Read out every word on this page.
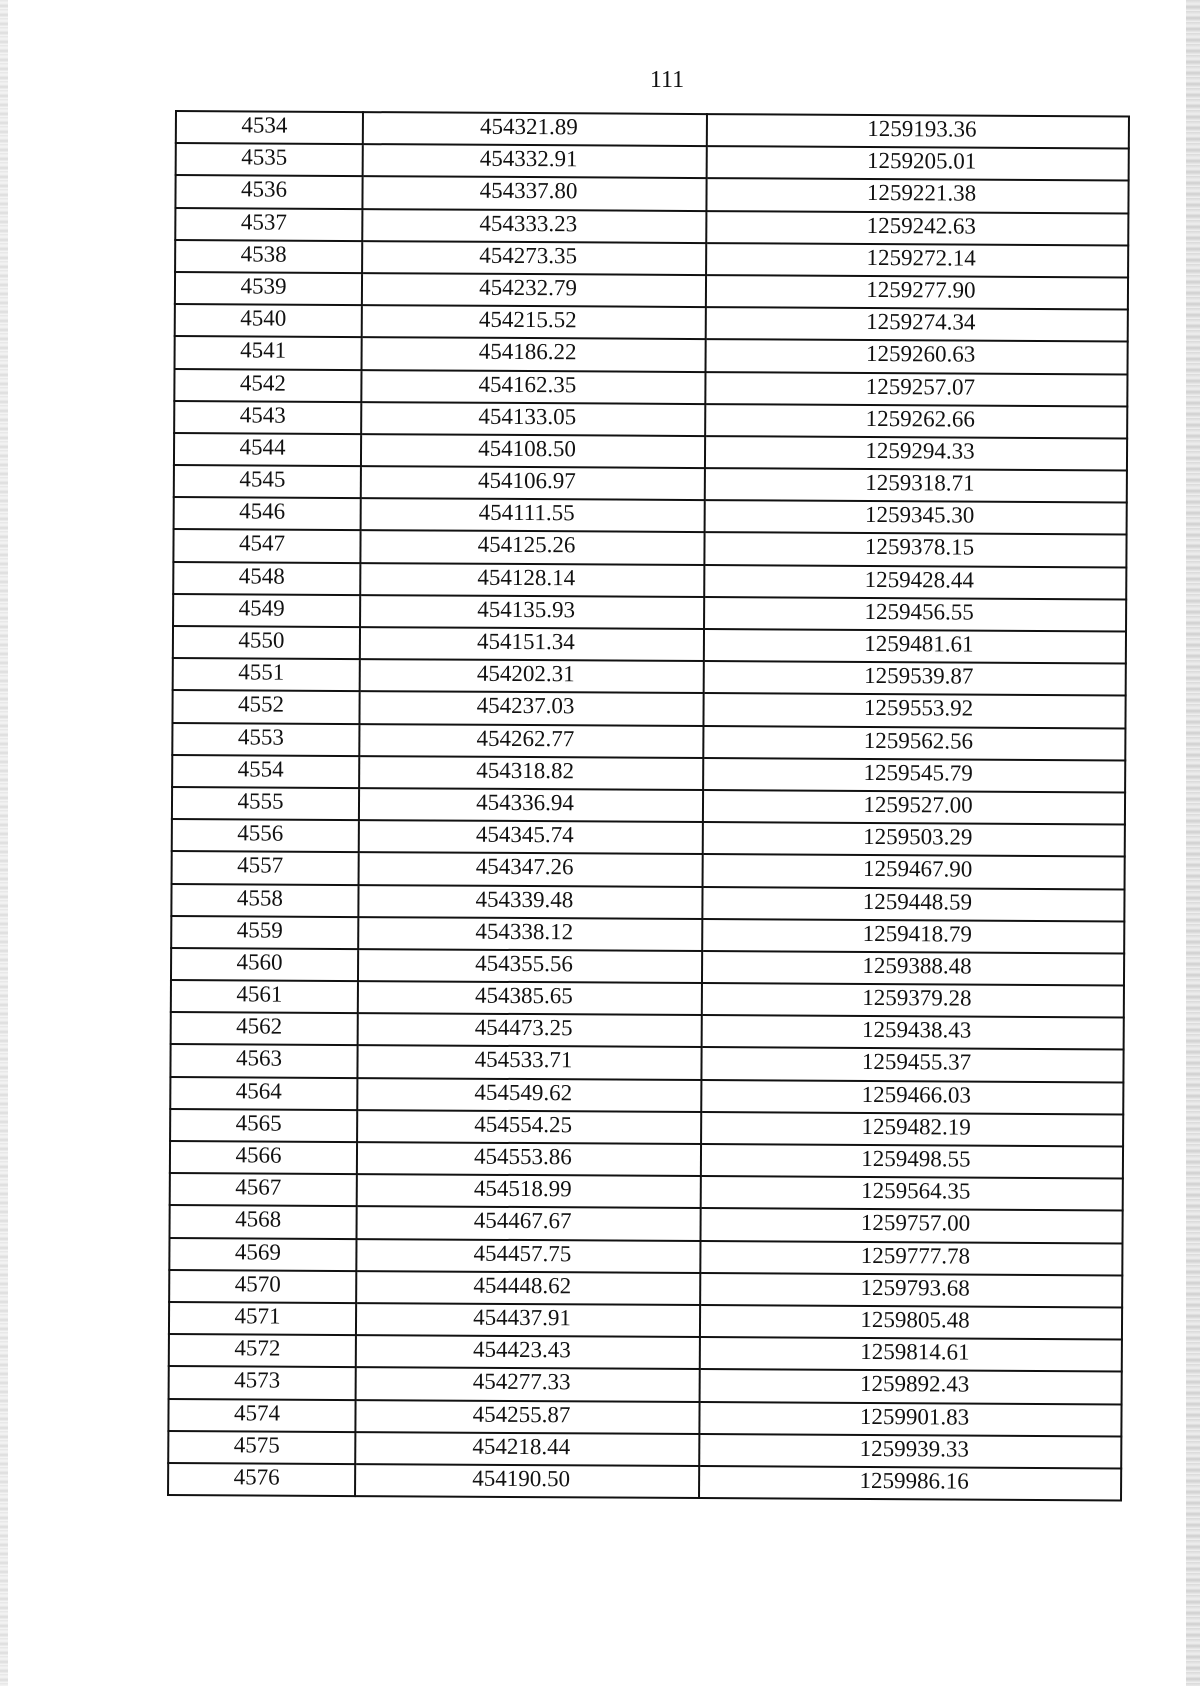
111
4534	454321.89	1259193.36
4535	454332.91	1259205.01
4536	454337.80	1259221.38
4537	454333.23	1259242.63
4538	454273.35	1259272.14
4539	454232.79	1259277.90
4540	454215.52	1259274.34
4541	454186.22	1259260.63
4542	454162.35	1259257.07
4543	454133.05	1259262.66
4544	454108.50	1259294.33
4545	454106.97	1259318.71
4546	454111.55	1259345.30
4547	454125.26	1259378.15
4548	454128.14	1259428.44
4549	454135.93	1259456.55
4550	454151.34	1259481.61
4551	454202.31	1259539.87
4552	454237.03	1259553.92
4553	454262.77	1259562.56
4554	454318.82	1259545.79
4555	454336.94	1259527.00
4556	454345.74	1259503.29
4557	454347.26	1259467.90
4558	454339.48	1259448.59
4559	454338.12	1259418.79
4560	454355.56	1259388.48
4561	454385.65	1259379.28
4562	454473.25	1259438.43
4563	454533.71	1259455.37
4564	454549.62	1259466.03
4565	454554.25	1259482.19
4566	454553.86	1259498.55
4567	454518.99	1259564.35
4568	454467.67	1259757.00
4569	454457.75	1259777.78
4570	454448.62	1259793.68
4571	454437.91	1259805.48
4572	454423.43	1259814.61
4573	454277.33	1259892.43
4574	454255.87	1259901.83
4575	454218.44	1259939.33
4576	454190.50	1259986.16
